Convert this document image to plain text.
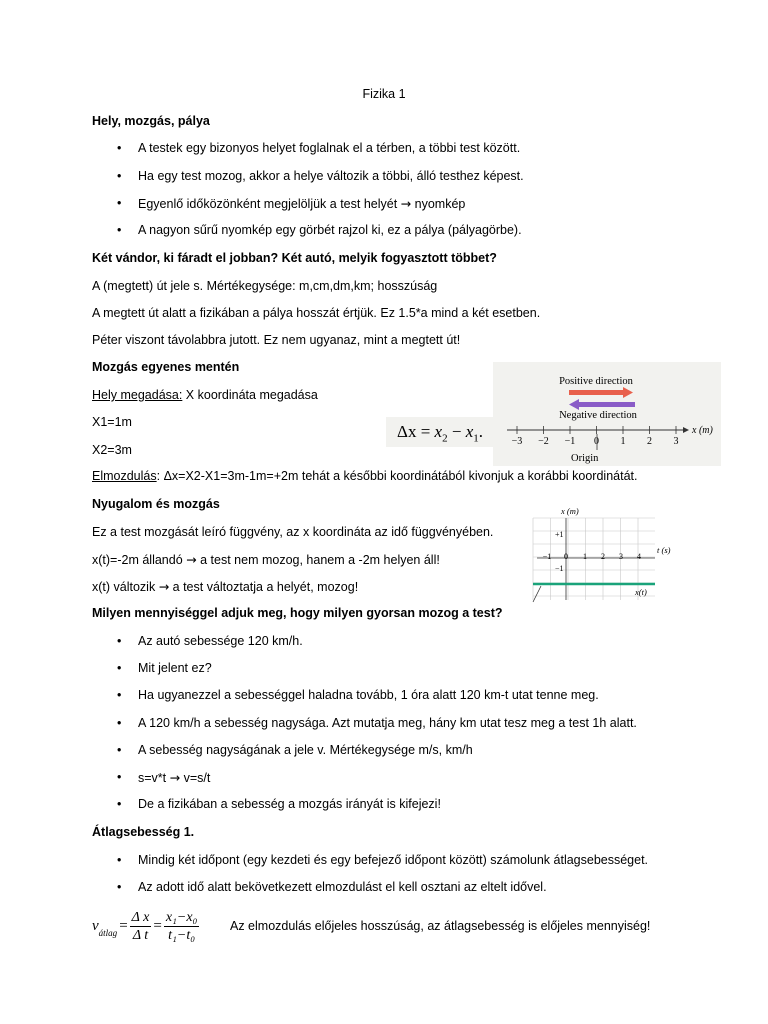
Fizika 1
Hely, mozgás, pálya
• A testek egy bizonyos helyet foglalnak el a térben, a többi test között.
• Ha egy test mozog, akkor a helye változik a többi, álló testhez képest.
• Egyenlő időközönként megjelöljük a test helyét → nyomkép
• A nagyon sűrű nyomkép egy görbét rajzol ki, ez a pálya (pályagörbe).
Két vándor, ki fáradt el jobban? Két autó, melyik fogyasztott többet?
A (megtett) út jele s. Mértékegysége: m,cm,dm,km; hosszúság
A megtett út alatt a fizikában a pálya hosszát értjük. Ez 1.5*a mind a két esetben.
Péter viszont távolabbra jutott. Ez nem ugyanaz, mint a megtett út!
Mozgás egyenes mentén
Hely megadása: X koordináta megadása
X1=1m
X2=3m
$\Delta x = x_2 - x_1$.
Positive direction
Negative direction
−3 −2 −1 0 1 2 3
x (m)
Origin
Elmozdulás: Δx=X2-X1=3m-1m=+2m tehát a későbbi koordinátából kivonjuk a korábbi koordinátát.
Nyugalom és mozgás
Ez a test mozgását leíró függvény, az x koordináta az idő függvényében.
x(t)=-2m állandó → a test nem mozog, hanem a -2m helyen áll!
x(t) változik → a test változtatja a helyét, mozog!
x (m)
t (s)
+1
−1
−1 0 1 2 3 4
x(t)
Milyen mennyiséggel adjuk meg, hogy milyen gyorsan mozog a test?
• Az autó sebessége 120 km/h.
• Mit jelent ez?
• Ha ugyanezzel a sebességgel haladna tovább, 1 óra alatt 120 km-t utat tenne meg.
• A 120 km/h a sebesség nagysága. Azt mutatja meg, hány km utat tesz meg a test 1h alatt.
• A sebesség nagyságának a jele v. Mértékegysége m/s, km/h
• s=v*t → v=s/t
• De a fizikában a sebesség a mozgás irányát is kifejezi!
Átlagsebesség 1.
• Mindig két időpont (egy kezdeti és egy befejező időpont között) számolunk átlagsebességet.
• Az adott idő alatt bekövetkezett elmozdulást el kell osztani az eltelt idővel.
$v_{átlag} = \frac{\text{Δ x}}{\text{Δ t}} = \frac{\text{x₁−x₀}}{\text{t₁−t₀}}$ Az elmozdulás előjeles hosszúság, az átlagsebesség is előjeles mennyiség!
